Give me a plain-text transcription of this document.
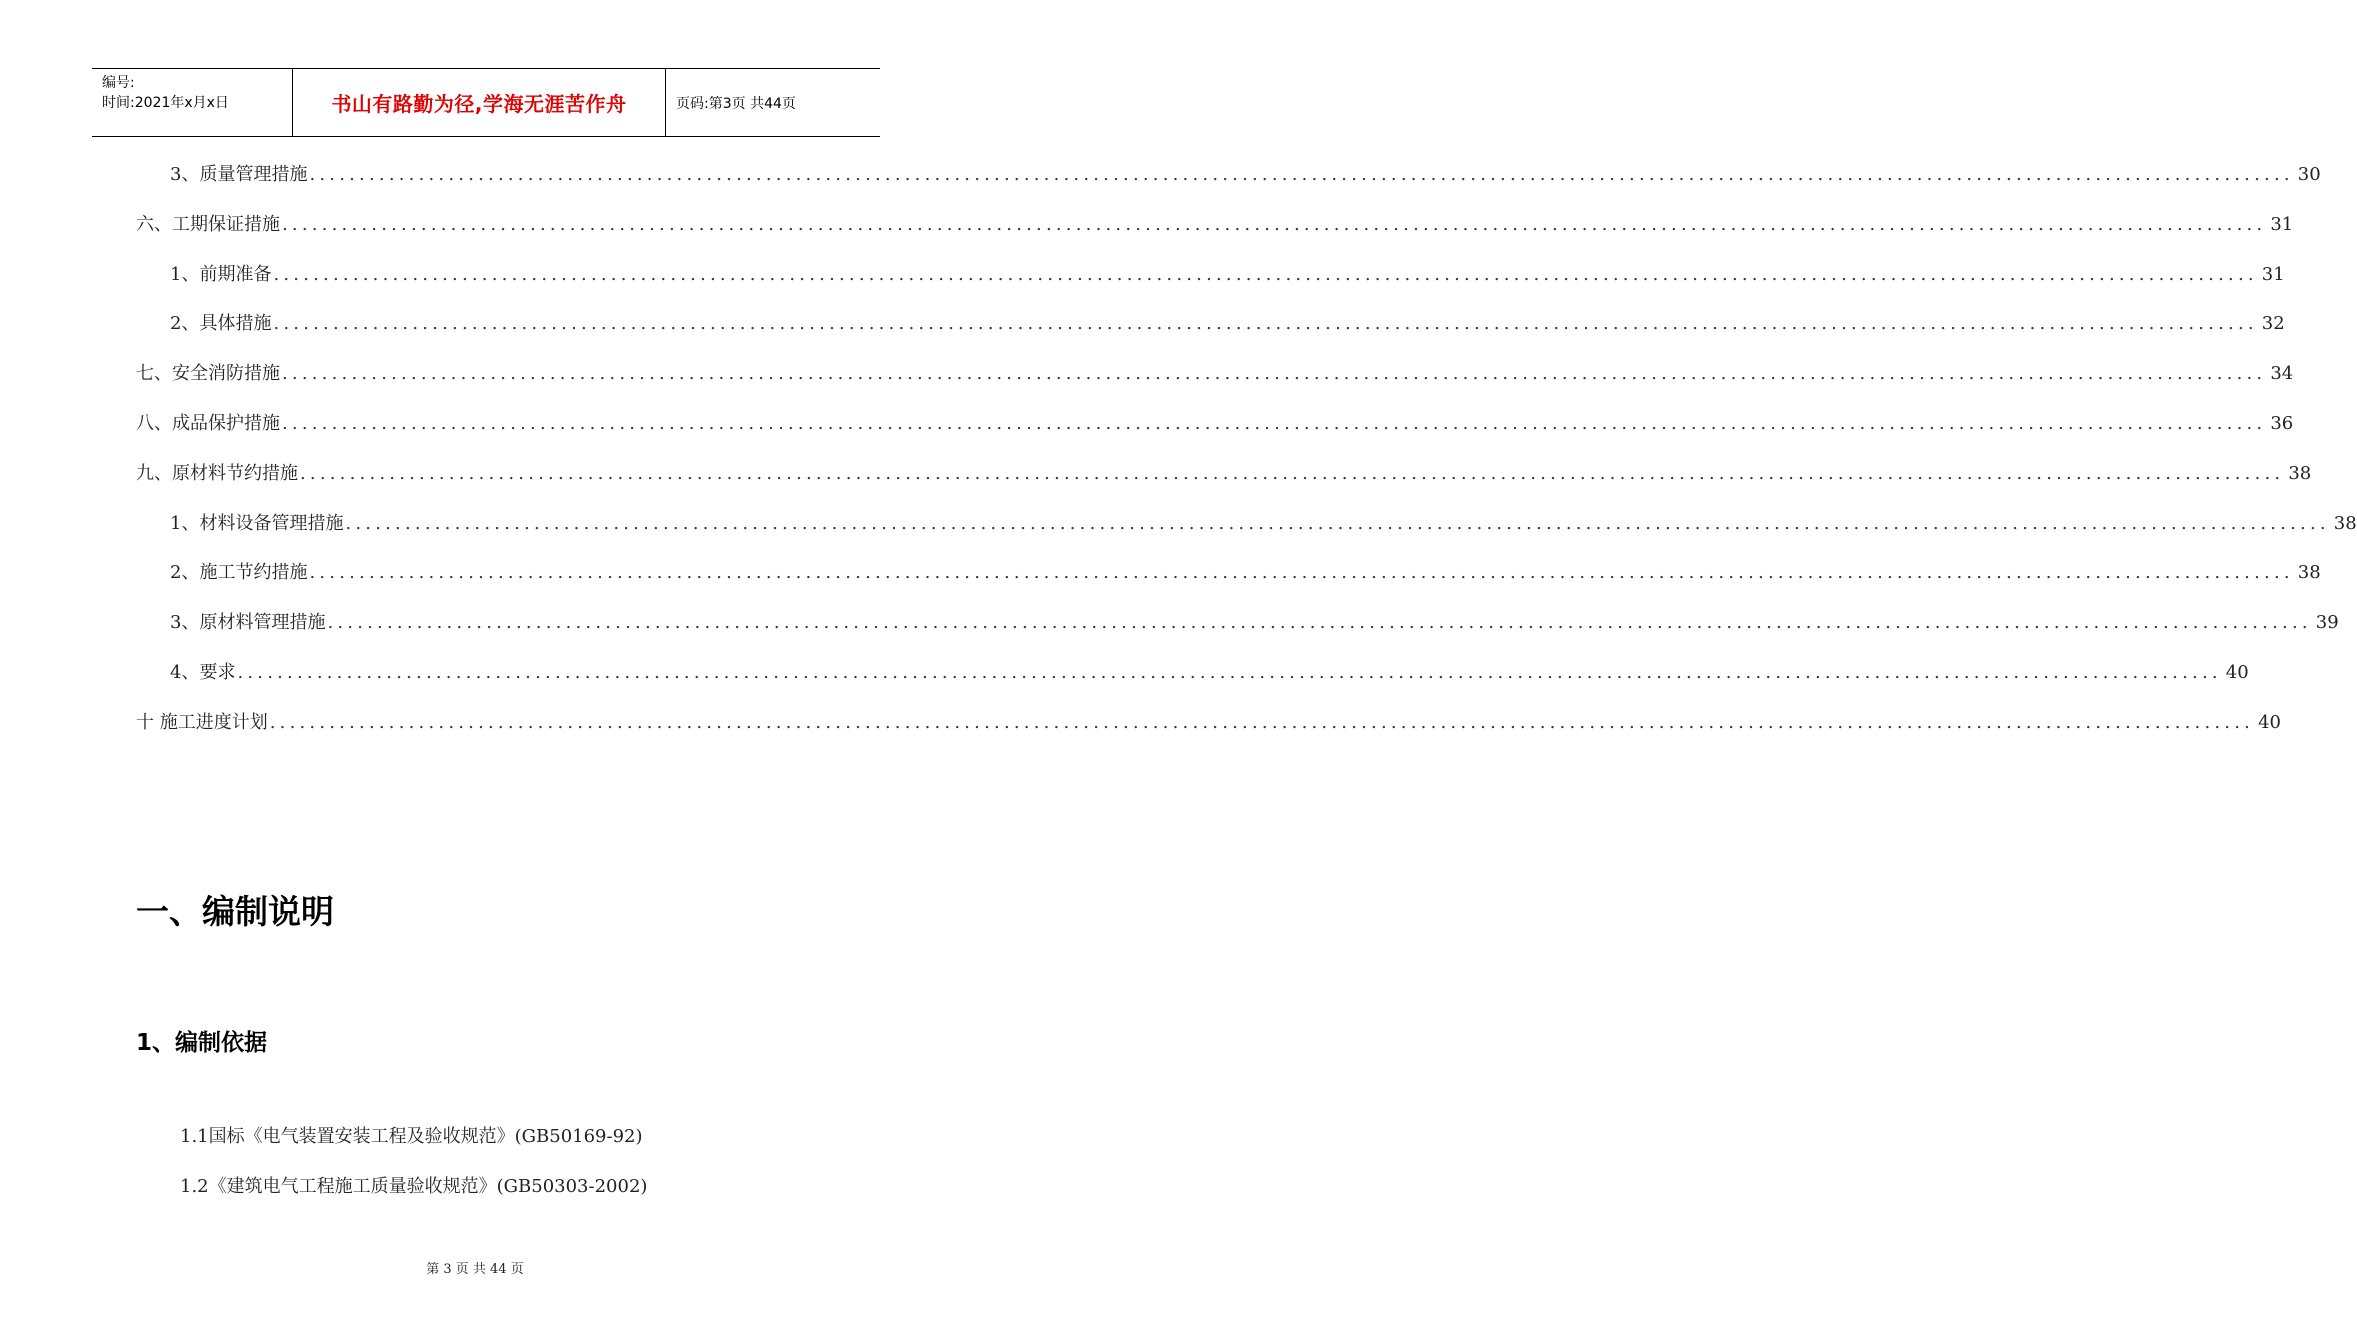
编号:
时间:2021年x月x日	书山有路勤为径,学海无涯苦作舟	页码:第3页 共44页
3、质量管理措施 ........................................................................................................................................................................................................ 30
六、工期保证措施 ........................................................................................................................................................................................................ 31
1、前期准备 ........................................................................................................................................................................................................ 31
2、具体措施 ........................................................................................................................................................................................................ 32
七、安全消防措施 ........................................................................................................................................................................................................ 34
八、成品保护措施 ........................................................................................................................................................................................................ 36
九、原材料节约措施 ........................................................................................................................................................................................................ 38
1、材料设备管理措施 ........................................................................................................................................................................................................ 38
2、施工节约措施 ........................................................................................................................................................................................................ 38
3、原材料管理措施 ........................................................................................................................................................................................................ 39
4、要求 ........................................................................................................................................................................................................ 40
十 施工进度计划 ........................................................................................................................................................................................................ 40
一、编制说明
1、编制依据
1.1国标《电气装置安装工程及验收规范》(GB50169-92)
1.2《建筑电气工程施工质量验收规范》(GB50303-2002)
第 3 页 共 44 页
